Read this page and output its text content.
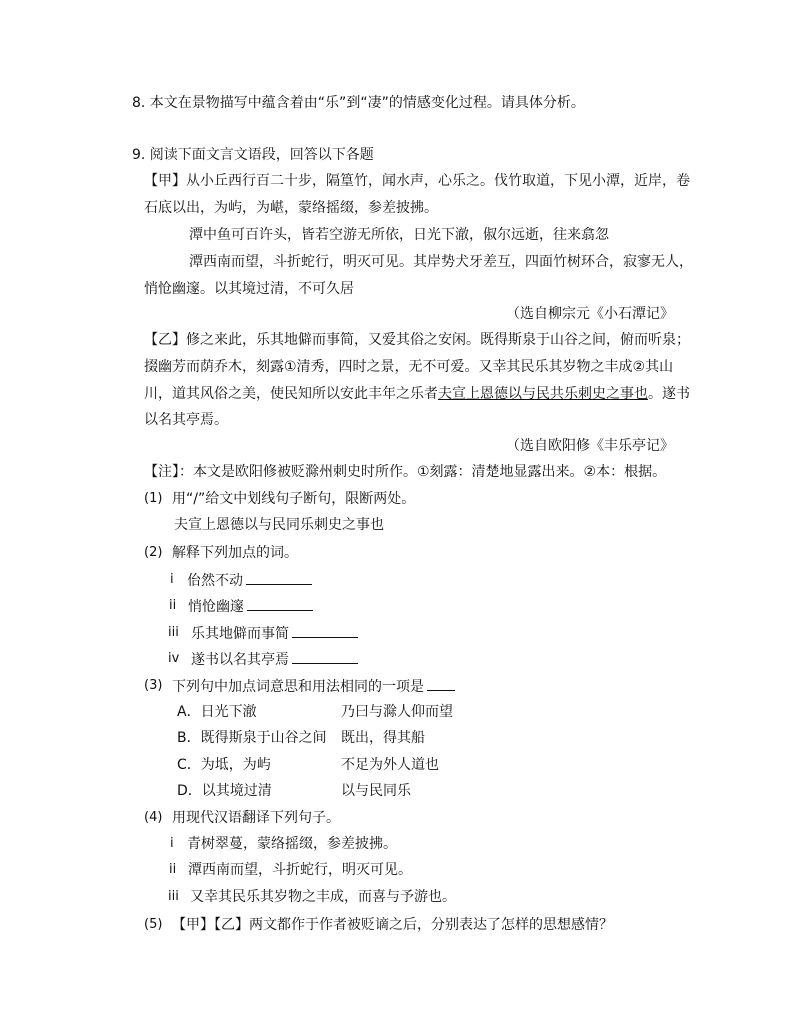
8. 本文在景物描写中蕴含着由“乐”到“凄”的情感变化过程。请具体分析。
9. 阅读下面文言文语段，回答以下各题
【甲】从小丘西行百二十步，隔篁竹，闻水声，心乐之。伐竹取道，下见小潭，近岸，卷
石底以出，为屿，为嵁，蒙络摇缀，参差披拂。
潭中鱼可百许头，皆若空游无所依，日光下澈，俶尔远逝，往来翕忽
潭西南而望，斗折蛇行，明灭可见。其岸势犬牙差互，四面竹树环合，寂寥无人，
悄怆幽邃。以其境过清，不可久居
（选自柳宗元《小石潭记》
【乙】修之来此，乐其地僻而事简，又爱其俗之安闲。既得斯泉于山谷之间，俯而听泉；
掇幽芳而荫乔木，刻露①清秀，四时之景，无不可爱。又幸其民乐其岁物之丰成②其山
川，道其风俗之美，使民知所以安此丰年之乐者夫宣上恩德以与民共乐刺史之事也。遂书
以名其亭焉。
（选自欧阳修《丰乐亭记》
【注】：本文是欧阳修被贬滁州刺史时所作。①刻露：清楚地显露出来。②本：根据。
(1) 用“/”给文中划线句子断句，限断两处。
夫宣上恩德以与民同乐刺史之事也
(2) 解释下列加点的词。
i 佁然不动
ii 悄怆幽邃
iii 乐其地僻而事简
iv 遂书以名其亭焉
(3) 下列句中加点词意思和用法相同的一项是
A．日光下澈	乃曰与滁人仰而望
B．既得斯泉于山谷之间 既出，得其船
C．为坻，为屿	不足为外人道也
D．以其境过清	以与民同乐
(4) 用现代汉语翻译下列句子。
i 青树翠蔓，蒙络摇缀，参差披拂。
ii 潭西南而望，斗折蛇行，明灭可见。
iii 又幸其民乐其岁物之丰成，而喜与予游也。
(5) 【甲】【乙】两文都作于作者被贬谪之后，分别表达了怎样的思想感情？
